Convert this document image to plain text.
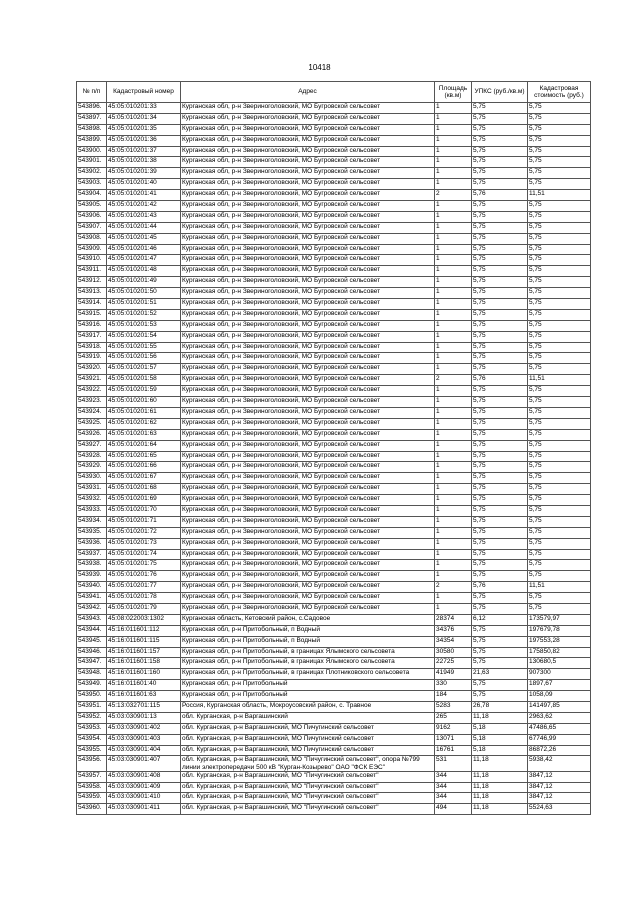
10418
№ п/п	Кадастровый номер	Адрес	Площадь (кв.м)	УПКС (руб./кв.м)	Кадастровая стоимость (руб.)
543896.	45:05:010201:33	Курганская обл, р-н Звериноголовский, МО Бугровской сельсовет	1	5,75	5,75
543897.	45:05:010201:34	Курганская обл, р-н Звериноголовский, МО Бугровской сельсовет	1	5,75	5,75
543898.	45:05:010201:35	Курганская обл, р-н Звериноголовский, МО Бугровской сельсовет	1	5,75	5,75
543899.	45:05:010201:36	Курганская обл, р-н Звериноголовский, МО Бугровской сельсовет	1	5,75	5,75
543900.	45:05:010201:37	Курганская обл, р-н Звериноголовский, МО Бугровской сельсовет	1	5,75	5,75
543901.	45:05:010201:38	Курганская обл, р-н Звериноголовский, МО Бугровской сельсовет	1	5,75	5,75
543902.	45:05:010201:39	Курганская обл, р-н Звериноголовский, МО Бугровской сельсовет	1	5,75	5,75
543903.	45:05:010201:40	Курганская обл, р-н Звериноголовский, МО Бугровской сельсовет	1	5,75	5,75
543904.	45:05:010201:41	Курганская обл, р-н Звериноголовский, МО Бугровской сельсовет	2	5,76	11,51
543905.	45:05:010201:42	Курганская обл, р-н Звериноголовский, МО Бугровской сельсовет	1	5,75	5,75
543906.	45:05:010201:43	Курганская обл, р-н Звериноголовский, МО Бугровской сельсовет	1	5,75	5,75
543907.	45:05:010201:44	Курганская обл, р-н Звериноголовский, МО Бугровской сельсовет	1	5,75	5,75
543908.	45:05:010201:45	Курганская обл, р-н Звериноголовский, МО Бугровской сельсовет	1	5,75	5,75
543909.	45:05:010201:46	Курганская обл, р-н Звериноголовский, МО Бугровской сельсовет	1	5,75	5,75
543910.	45:05:010201:47	Курганская обл, р-н Звериноголовский, МО Бугровской сельсовет	1	5,75	5,75
543911.	45:05:010201:48	Курганская обл, р-н Звериноголовский, МО Бугровской сельсовет	1	5,75	5,75
543912.	45:05:010201:49	Курганская обл, р-н Звериноголовский, МО Бугровской сельсовет	1	5,75	5,75
543913.	45:05:010201:50	Курганская обл, р-н Звериноголовский, МО Бугровской сельсовет	1	5,75	5,75
543914.	45:05:010201:51	Курганская обл, р-н Звериноголовский, МО Бугровской сельсовет	1	5,75	5,75
543915.	45:05:010201:52	Курганская обл, р-н Звериноголовский, МО Бугровской сельсовет	1	5,75	5,75
543916.	45:05:010201:53	Курганская обл, р-н Звериноголовский, МО Бугровской сельсовет	1	5,75	5,75
543917.	45:05:010201:54	Курганская обл, р-н Звериноголовский, МО Бугровской сельсовет	1	5,75	5,75
543918.	45:05:010201:55	Курганская обл, р-н Звериноголовский, МО Бугровской сельсовет	1	5,75	5,75
543919.	45:05:010201:56	Курганская обл, р-н Звериноголовский, МО Бугровской сельсовет	1	5,75	5,75
543920.	45:05:010201:57	Курганская обл, р-н Звериноголовский, МО Бугровской сельсовет	1	5,75	5,75
543921.	45:05:010201:58	Курганская обл, р-н Звериноголовский, МО Бугровской сельсовет	2	5,76	11,51
543922.	45:05:010201:59	Курганская обл, р-н Звериноголовский, МО Бугровской сельсовет	1	5,75	5,75
543923.	45:05:010201:60	Курганская обл, р-н Звериноголовский, МО Бугровской сельсовет	1	5,75	5,75
543924.	45:05:010201:61	Курганская обл, р-н Звериноголовский, МО Бугровской сельсовет	1	5,75	5,75
543925.	45:05:010201:62	Курганская обл, р-н Звериноголовский, МО Бугровской сельсовет	1	5,75	5,75
543926.	45:05:010201:63	Курганская обл, р-н Звериноголовский, МО Бугровской сельсовет	1	5,75	5,75
543927.	45:05:010201:64	Курганская обл, р-н Звериноголовский, МО Бугровской сельсовет	1	5,75	5,75
543928.	45:05:010201:65	Курганская обл, р-н Звериноголовский, МО Бугровской сельсовет	1	5,75	5,75
543929.	45:05:010201:66	Курганская обл, р-н Звериноголовский, МО Бугровской сельсовет	1	5,75	5,75
543930.	45:05:010201:67	Курганская обл, р-н Звериноголовский, МО Бугровской сельсовет	1	5,75	5,75
543931.	45:05:010201:68	Курганская обл, р-н Звериноголовский, МО Бугровской сельсовет	1	5,75	5,75
543932.	45:05:010201:69	Курганская обл, р-н Звериноголовский, МО Бугровской сельсовет	1	5,75	5,75
543933.	45:05:010201:70	Курганская обл, р-н Звериноголовский, МО Бугровской сельсовет	1	5,75	5,75
543934.	45:05:010201:71	Курганская обл, р-н Звериноголовский, МО Бугровской сельсовет	1	5,75	5,75
543935.	45:05:010201:72	Курганская обл, р-н Звериноголовский, МО Бугровской сельсовет	1	5,75	5,75
543936.	45:05:010201:73	Курганская обл, р-н Звериноголовский, МО Бугровской сельсовет	1	5,75	5,75
543937.	45:05:010201:74	Курганская обл, р-н Звериноголовский, МО Бугровской сельсовет	1	5,75	5,75
543938.	45:05:010201:75	Курганская обл, р-н Звериноголовский, МО Бугровской сельсовет	1	5,75	5,75
543939.	45:05:010201:76	Курганская обл, р-н Звериноголовский, МО Бугровской сельсовет	1	5,75	5,75
543940.	45:05:010201:77	Курганская обл, р-н Звериноголовский, МО Бугровской сельсовет	2	5,76	11,51
543941.	45:05:010201:78	Курганская обл, р-н Звериноголовский, МО Бугровской сельсовет	1	5,75	5,75
543942.	45:05:010201:79	Курганская обл, р-н Звериноголовский, МО Бугровской сельсовет	1	5,75	5,75
543943.	45:08:022003:1302	Курганская область, Кетовский район, с.Садовое	28374	6,12	173579,97
543944.	45:16:011601:112	Курганская обл, р-н Притобольный, п Водный	34376	5,75	197679,78
543945.	45:16:011601:115	Курганская обл, р-н Притобольный, п Водный	34354	5,75	197553,28
543946.	45:16:011601:157	Курганская обл, р-н Притобольный, в границах Ялымского сельсовета	30580	5,75	175850,82
543947.	45:16:011601:158	Курганская обл, р-н Притобольный, в границах Ялымского сельсовета	22725	5,75	130680,5
543948.	45:16:011601:160	Курганская обл, р-н Притобольный, в границах Плотниковского сельсовета	41949	21,63	907300
543949.	45:16:011601:40	Курганская обл, р-н Притобольный	330	5,75	1897,67
543950.	45:16:011601:63	Курганская обл, р-н Притобольный	184	5,75	1058,09
543951.	45:13:032701:115	Россия, Курганская область, Мокроусовский район, с. Травное	5283	26,78	141497,85
543952.	45:03:030901:13	обл. Курганская, р-н Варгашинский	265	11,18	2963,62
543953.	45:03:030901:402	обл. Курганская, р-н Варгашинский, МО Пичугинский сельсовет	9162	5,18	47486,65
543954.	45:03:030901:403	обл. Курганская, р-н Варгашинский, МО Пичугинский сельсовет	13071	5,18	67746,99
543955.	45:03:030901:404	обл. Курганская, р-н Варгашинский, МО Пичугинский сельсовет	16761	5,18	86872,26
543956.	45:03:030901:407	обл. Курганская, р-н Варгашинский, МО "Пичугинский сельсовет", опора №799 линии электропередачи 500 кВ "Курган-Козырево" ОАО "ФСК ЕЭС"	531	11,18	5938,42
543957.	45:03:030901:408	обл. Курганская, р-н Варгашинский, МО "Пичугинский сельсовет"	344	11,18	3847,12
543958.	45:03:030901:409	обл. Курганская, р-н Варгашинский, МО "Пичугинский сельсовет"	344	11,18	3847,12
543959.	45:03:030901:410	обл. Курганская, р-н Варгашинский, МО "Пичугинский сельсовет"	344	11,18	3847,12
543960.	45:03:030901:411	обл. Курганская, р-н Варгашинский, МО "Пичугинский сельсовет"	494	11,18	5524,63
